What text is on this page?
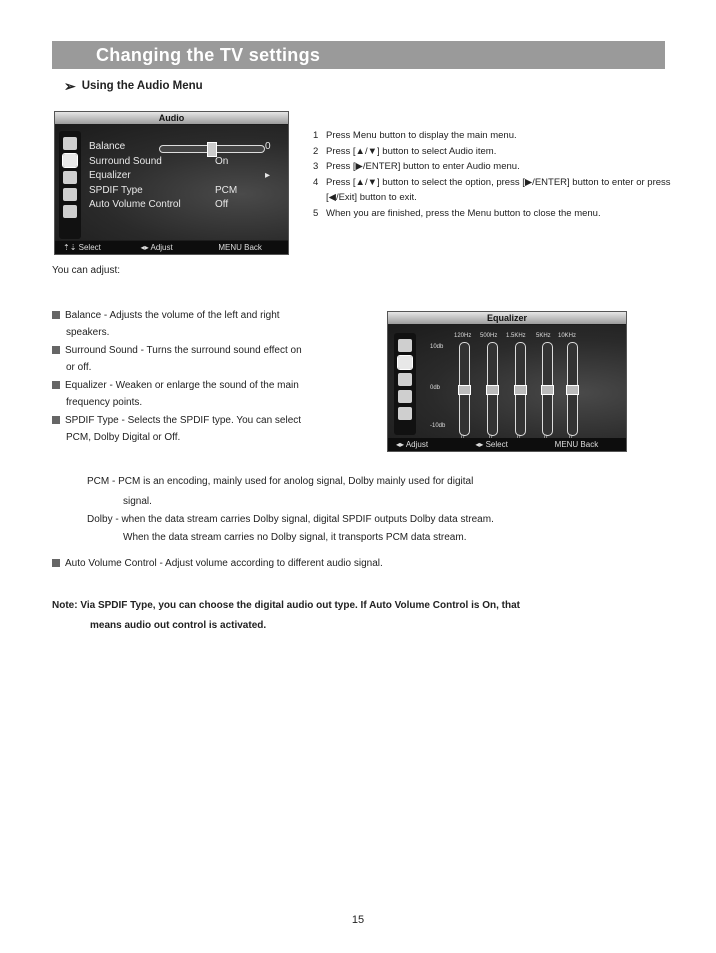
Changing the TV settings
➢ Using the Audio Menu
Audio
Balance	0
Surround Sound	On
Equalizer	▸
SPDIF Type	PCM
Auto Volume Control	Off
⇡⇣ Select	◂▸ Adjust	MENU Back
1 Press Menu button to display the main menu.
2 Press [▲/▼] button to select Audio item.
3 Press [▶/ENTER] button to enter Audio menu.
4 Press [▲/▼] button to select the option, press [▶/ENTER] button to enter or press [◀/Exit] button to exit.
5 When you are finished, press the Menu button to close the menu.
You can adjust:
Balance - Adjusts the volume of the left and right
speakers.
Surround Sound - Turns the surround sound effect on
or off.
Equalizer - Weaken or enlarge the sound of the main
frequency points.
SPDIF Type - Selects the SPDIF type. You can select
PCM, Dolby Digital or Off.
Equalizer
120Hz 500Hz 1.5KHz 5KHz 10KHz
10db
0db
-10db
◂▸ Adjust	◂▸ Select	MENU Back
PCM - PCM is an encoding, mainly used for anolog signal, Dolby mainly used for digital
signal.
Dolby - when the data stream carries Dolby signal, digital SPDIF outputs Dolby data stream.
When the data stream carries no Dolby signal, it transports PCM data stream.
Auto Volume Control - Adjust volume according to different audio signal.
Note: Via SPDIF Type, you can choose the digital audio out type. If Auto Volume Control is On, that
means audio out control is activated.
15
